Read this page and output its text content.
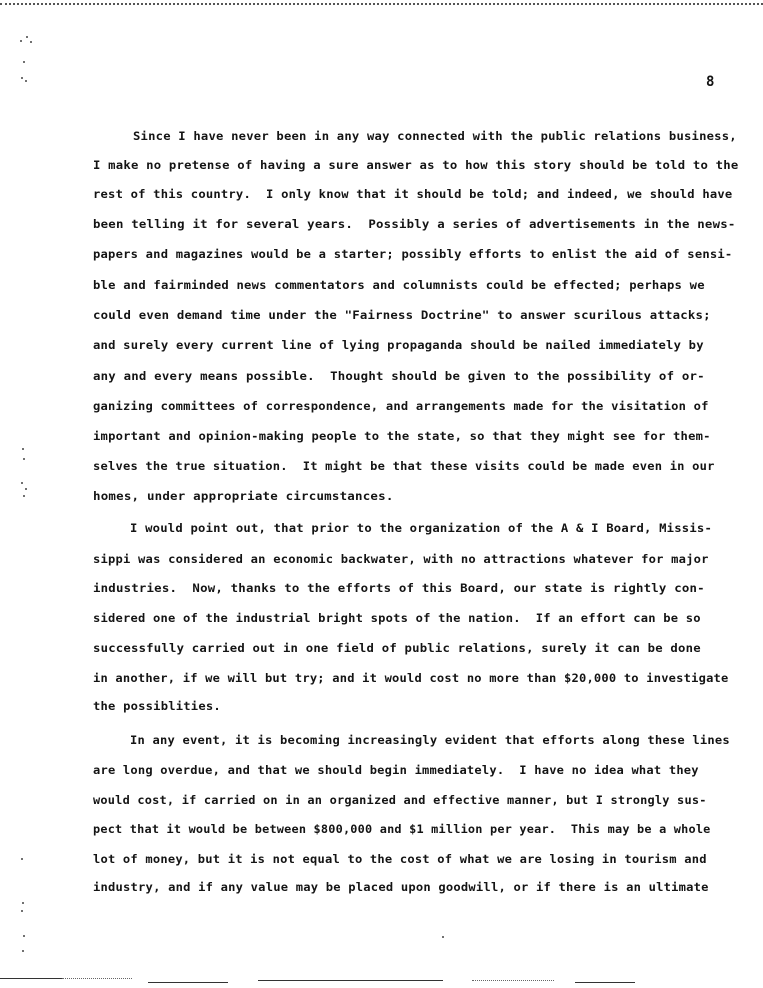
8
Since I have never been in any way connected with the public relations business,
I make no pretense of having a sure answer as to how this story should be told to the
rest of this country.  I only know that it should be told; and indeed, we should have
been telling it for several years.  Possibly a series of advertisements in the news-
papers and magazines would be a starter; possibly efforts to enlist the aid of sensi-
ble and fairminded news commentators and columnists could be effected; perhaps we
could even demand time under the "Fairness Doctrine" to answer scurilous attacks;
and surely every current line of lying propaganda should be nailed immediately by
any and every means possible.  Thought should be given to the possibility of or-
ganizing committees of correspondence, and arrangements made for the visitation of
important and opinion-making people to the state, so that they might see for them-
selves the true situation.  It might be that these visits could be made even in our
homes, under appropriate circumstances.
I would point out, that prior to the organization of the A & I Board, Missis-
sippi was considered an economic backwater, with no attractions whatever for major
industries.  Now, thanks to the efforts of this Board, our state is rightly con-
sidered one of the industrial bright spots of the nation.  If an effort can be so
successfully carried out in one field of public relations, surely it can be done
in another, if we will but try; and it would cost no more than $20,000 to investigate
the possiblities.
In any event, it is becoming increasingly evident that efforts along these lines
are long overdue, and that we should begin immediately.  I have no idea what they
would cost, if carried on in an organized and effective manner, but I strongly sus-
pect that it would be between $800,000 and $1 million per year.  This may be a whole
lot of money, but it is not equal to the cost of what we are losing in tourism and
industry, and if any value may be placed upon goodwill, or if there is an ultimate
